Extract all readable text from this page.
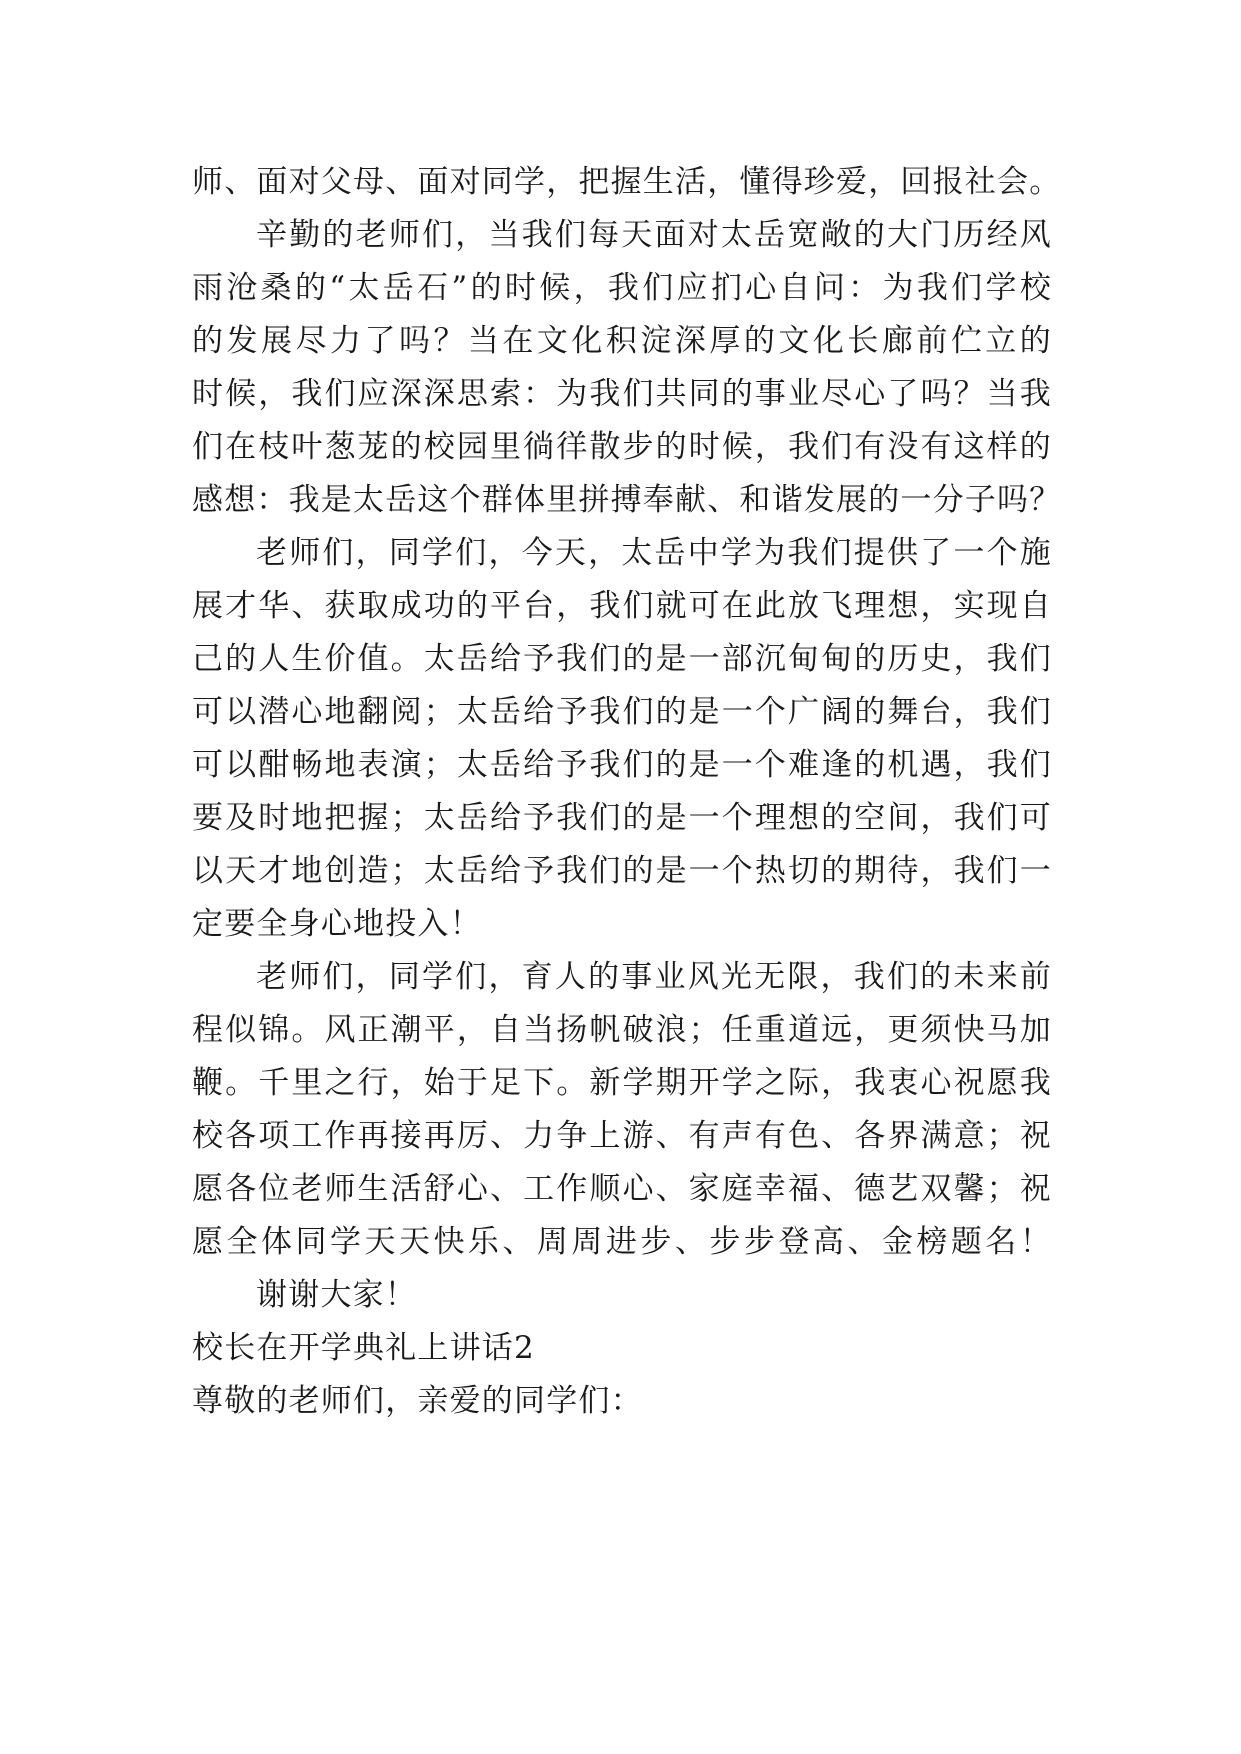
师、面对父母、面对同学，把握生活，懂得珍爱，回报社会。
辛勤的老师们，当我们每天面对太岳宽敞的大门历经风
雨沧桑的“太岳石”的时候，我们应扪心自问：为我们学校
的发展尽力了吗？当在文化积淀深厚的文化长廊前伫立的
时候，我们应深深思索：为我们共同的事业尽心了吗？当我
们在枝叶葱茏的校园里徜徉散步的时候，我们有没有这样的
感想：我是太岳这个群体里拼搏奉献、和谐发展的一分子吗？
老师们，同学们，今天，太岳中学为我们提供了一个施
展才华、获取成功的平台，我们就可在此放飞理想，实现自
己的人生价值。太岳给予我们的是一部沉甸甸的历史，我们
可以潜心地翻阅；太岳给予我们的是一个广阔的舞台，我们
可以酣畅地表演；太岳给予我们的是一个难逢的机遇，我们
要及时地把握；太岳给予我们的是一个理想的空间，我们可
以天才地创造；太岳给予我们的是一个热切的期待，我们一
定要全身心地投入！
老师们，同学们，育人的事业风光无限，我们的未来前
程似锦。风正潮平，自当扬帆破浪；任重道远，更须快马加
鞭。千里之行，始于足下。新学期开学之际，我衷心祝愿我
校各项工作再接再厉、力争上游、有声有色、各界满意；祝
愿各位老师生活舒心、工作顺心、家庭幸福、德艺双馨；祝
愿全体同学天天快乐、周周进步、步步登高、金榜题名！
谢谢大家！
校长在开学典礼上讲话2
尊敬的老师们，亲爱的同学们：
